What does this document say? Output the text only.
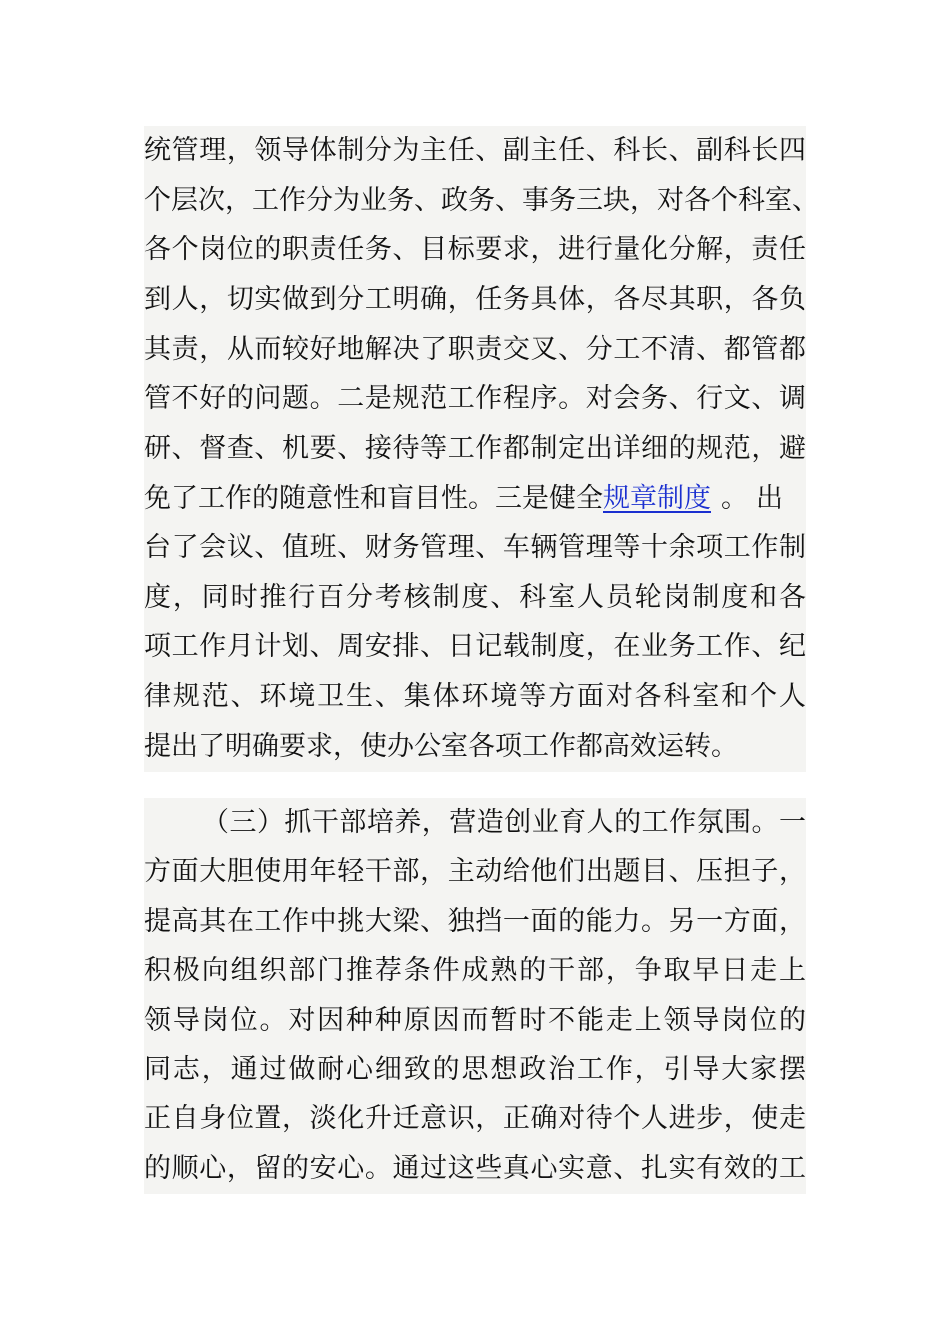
统管理，领导体制分为主任、副主任、科长、副科长四
个层次，工作分为业务、政务、事务三块，对各个科室、
各个岗位的职责任务、目标要求，进行量化分解，责任
到人，切实做到分工明确，任务具体，各尽其职，各负
其责，从而较好地解决了职责交叉、分工不清、都管都
管不好的问题。二是规范工作程序。对会务、行文、调
研、督查、机要、接待等工作都制定出详细的规范，避
免了工作的随意性和盲目性。三是健全规章制度 。出
台了会议、值班、财务管理、车辆管理等十余项工作制
度，同时推行百分考核制度、科室人员轮岗制度和各
项工作月计划、周安排、日记载制度，在业务工作、纪
律规范、环境卫生、集体环境等方面对各科室和个人
提出了明确要求，使办公室各项工作都高效运转。
（三）抓干部培养，营造创业育人的工作氛围。一
方面大胆使用年轻干部，主动给他们出题目、压担子，
提高其在工作中挑大梁、独挡一面的能力。另一方面，
积极向组织部门推荐条件成熟的干部，争取早日走上
领导岗位。对因种种原因而暂时不能走上领导岗位的
同志，通过做耐心细致的思想政治工作，引导大家摆
正自身位置，淡化升迁意识，正确对待个人进步，使走
的顺心，留的安心。通过这些真心实意、扎实有效的工
